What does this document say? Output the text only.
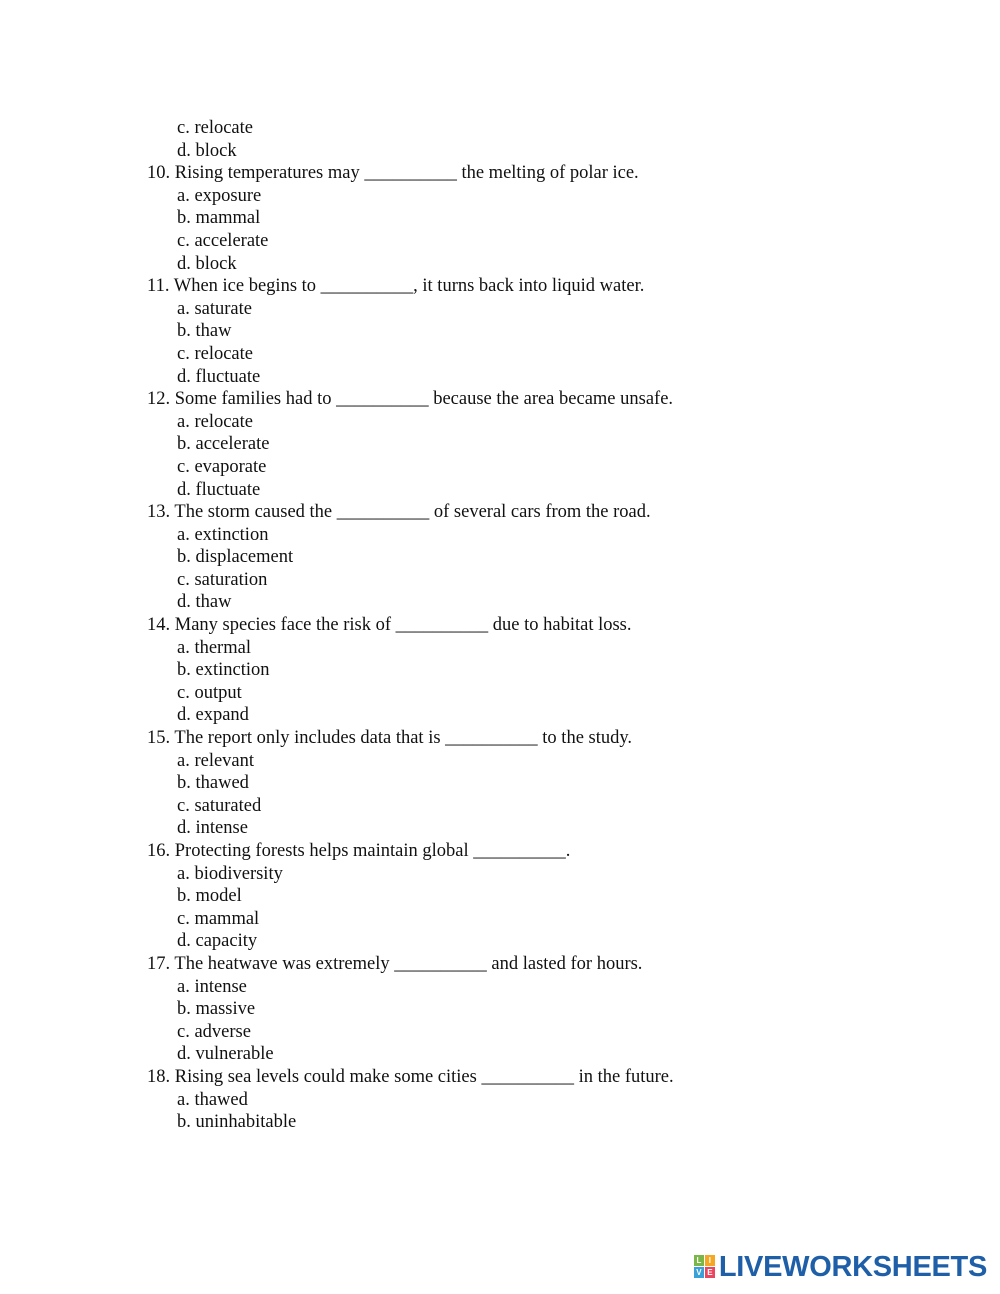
c. relocate
d. block
10. Rising temperatures may __________ the melting of polar ice.
a. exposure
b. mammal
c. accelerate
d. block
11. When ice begins to __________, it turns back into liquid water.
a. saturate
b. thaw
c. relocate
d. fluctuate
12. Some families had to __________ because the area became unsafe.
a. relocate
b. accelerate
c. evaporate
d. fluctuate
13. The storm caused the __________ of several cars from the road.
a. extinction
b. displacement
c. saturation
d. thaw
14. Many species face the risk of __________ due to habitat loss.
a. thermal
b. extinction
c. output
d. expand
15. The report only includes data that is __________ to the study.
a. relevant
b. thawed
c. saturated
d. intense
16. Protecting forests helps maintain global __________.
a. biodiversity
b. model
c. mammal
d. capacity
17. The heatwave was extremely __________ and lasted for hours.
a. intense
b. massive
c. adverse
d. vulnerable
18. Rising sea levels could make some cities __________ in the future.
a. thawed
b. uninhabitable
L I
V E LIVEWORKSHEETS
